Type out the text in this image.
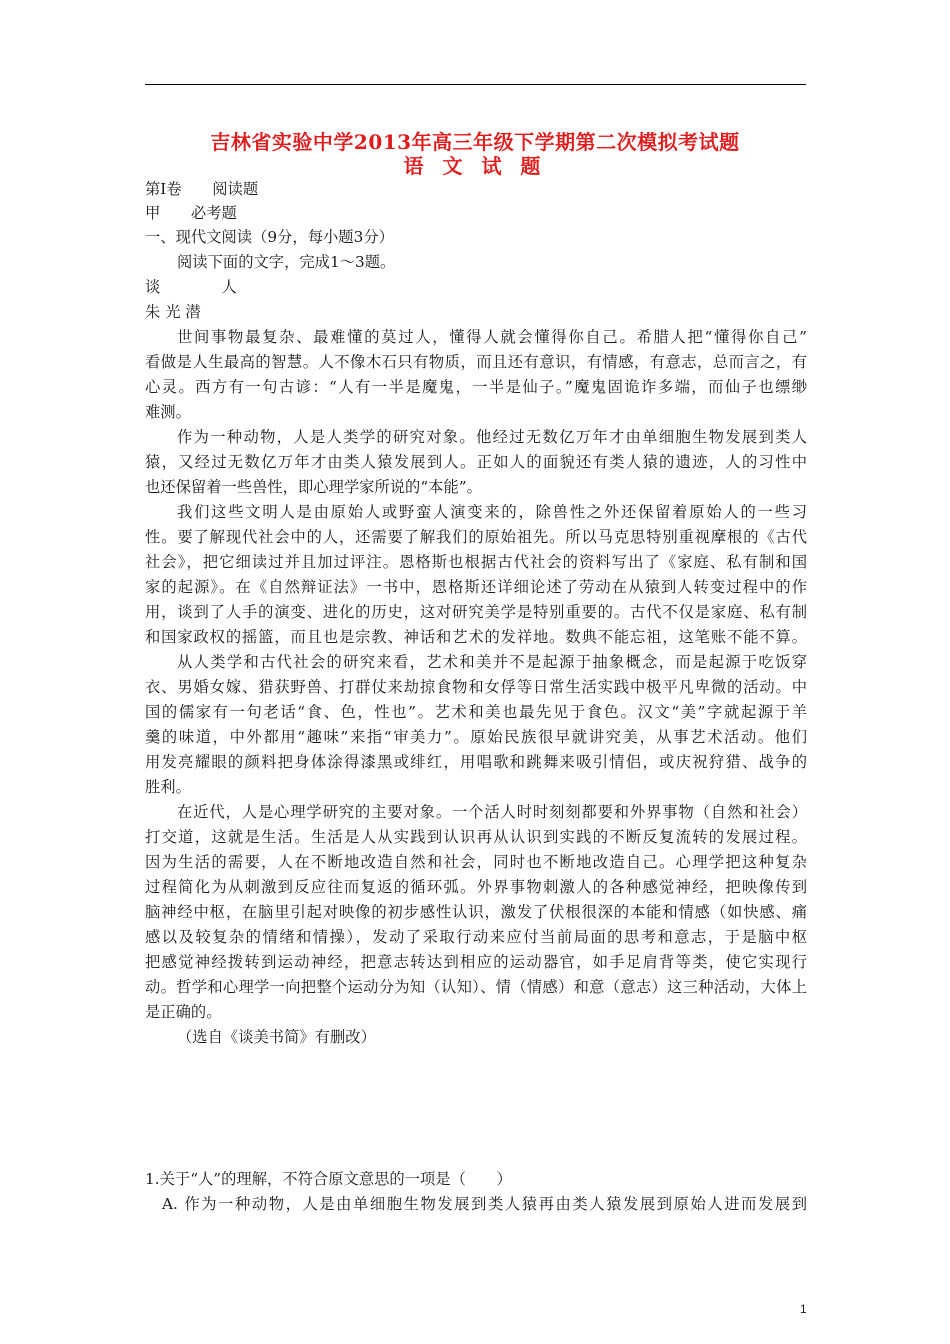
吉林省实验中学2013年高三年级下学期第二次模拟考试题
语 文 试 题
第Ⅰ卷　　阅读题
甲　　必考题
一、现代文阅读（9分，每小题3分）
阅读下面的文字，完成1～3题。
谈　　　　人
朱 光 潜
世间事物最复杂、最难懂的莫过人，懂得人就会懂得你自己。希腊人把“懂得你自己”
看做是人生最高的智慧。人不像木石只有物质，而且还有意识，有情感，有意志，总而言之，有
心灵。西方有一句古谚：“人有一半是魔鬼，一半是仙子。”魔鬼固诡诈多端，而仙子也缥缈
难测。
作为一种动物，人是人类学的研究对象。他经过无数亿万年才由单细胞生物发展到类人
猿，又经过无数亿万年才由类人猿发展到人。正如人的面貌还有类人猿的遗迹，人的习性中
也还保留着一些兽性，即心理学家所说的“本能”。
我们这些文明人是由原始人或野蛮人演变来的，除兽性之外还保留着原始人的一些习
性。要了解现代社会中的人，还需要了解我们的原始祖先。所以马克思特别重视摩根的《古代
社会》，把它细读过并且加过评注。恩格斯也根据古代社会的资料写出了《家庭、私有制和国
家的起源》。在《自然辩证法》一书中，恩格斯还详细论述了劳动在从猿到人转变过程中的作
用，谈到了人手的演变、进化的历史，这对研究美学是特别重要的。古代不仅是家庭、私有制
和国家政权的摇篮，而且也是宗教、神话和艺术的发祥地。数典不能忘祖，这笔账不能不算。
从人类学和古代社会的研究来看，艺术和美并不是起源于抽象概念，而是起源于吃饭穿
衣、男婚女嫁、猎获野兽、打群仗来劫掠食物和女俘等日常生活实践中极平凡卑微的活动。中
国的儒家有一句老话“食、色，性也”。艺术和美也最先见于食色。汉文“美”字就起源于羊
羹的味道，中外都用“趣味”来指“审美力”。原始民族很早就讲究美，从事艺术活动。他们
用发亮耀眼的颜料把身体涂得漆黑或绯红，用唱歌和跳舞来吸引情侣，或庆祝狩猎、战争的
胜利。
在近代，人是心理学研究的主要对象。一个活人时时刻刻都要和外界事物（自然和社会）
打交道，这就是生活。生活是人从实践到认识再从认识到实践的不断反复流转的发展过程。
因为生活的需要，人在不断地改造自然和社会，同时也不断地改造自己。心理学把这种复杂
过程简化为从刺激到反应往而复返的循环弧。外界事物刺激人的各种感觉神经，把映像传到
脑神经中枢，在脑里引起对映像的初步感性认识，激发了伏根很深的本能和情感（如快感、痛
感以及较复杂的情绪和情操），发动了采取行动来应付当前局面的思考和意志，于是脑中枢
把感觉神经拨转到运动神经，把意志转达到相应的运动器官，如手足肩背等类，使它实现行
动。哲学和心理学一向把整个运动分为知（认知）、情（情感）和意（意志）这三种活动，大体上
是正确的。
（选自《谈美书简》有删改）
1.关于“人”的理解，不符合原文意思的一项是（　　）
A. 作为一种动物，人是由单细胞生物发展到类人猿再由类人猿发展到原始人进而发展到
1
